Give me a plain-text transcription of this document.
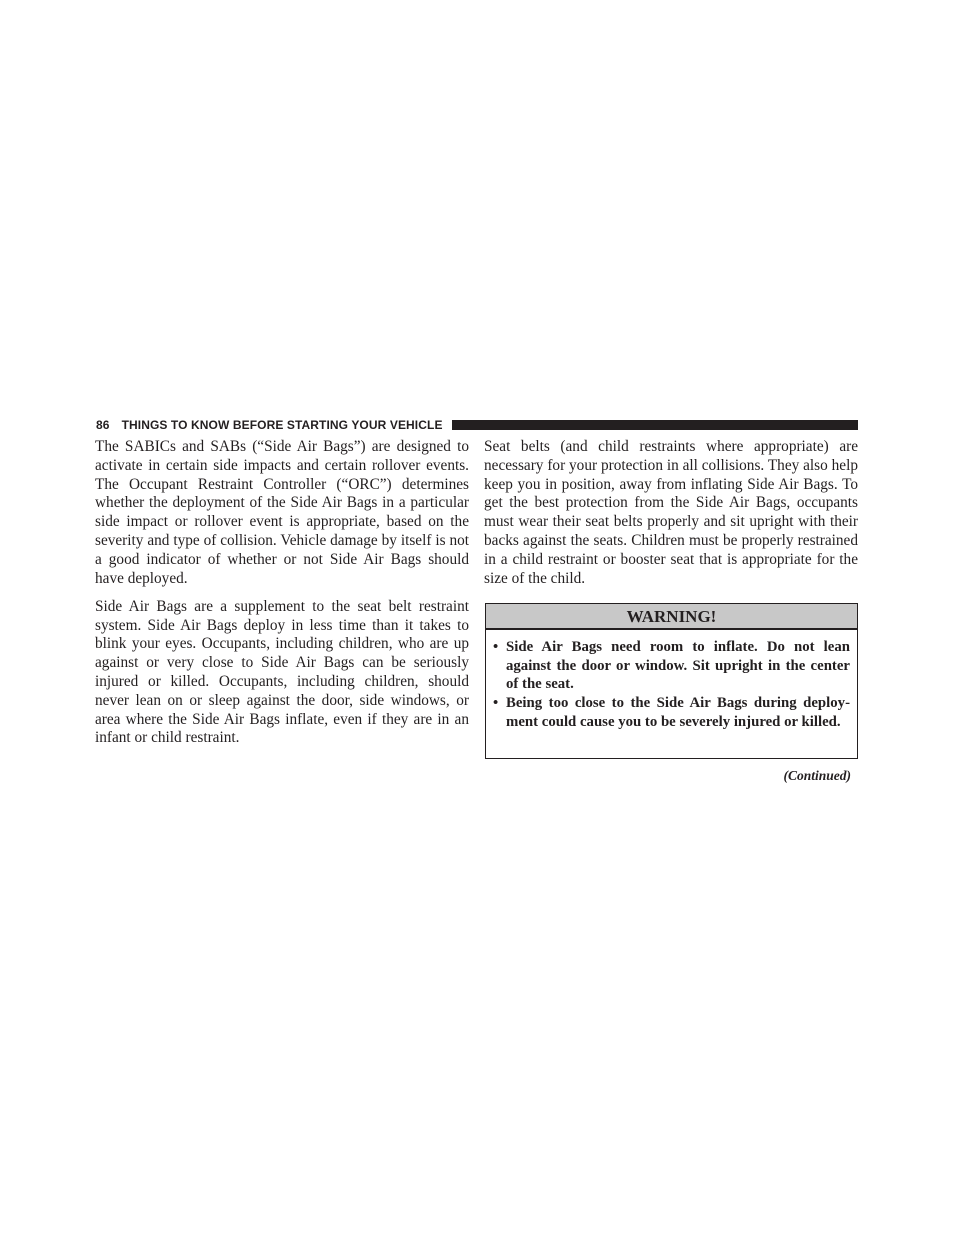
86 THINGS TO KNOW BEFORE STARTING YOUR VEHICLE

The SABICs and SABs (“Side Air Bags”) are designed to activate in certain side impacts and certain rollover events. The Occupant Restraint Controller (“ORC”) determines whether the deployment of the Side Air Bags in a particular side impact or rollover event is appropriate, based on the severity and type of collision. Vehicle damage by itself is not a good indicator of whether or not Side Air Bags should have deployed.

Side Air Bags are a supplement to the seat belt restraint system. Side Air Bags deploy in less time than it takes to blink your eyes. Occupants, including children, who are up against or very close to Side Air Bags can be seriously injured or killed. Occupants, including children, should never lean on or sleep against the door, side windows, or area where the Side Air Bags inflate, even if they are in an infant or child restraint.

Seat belts (and child restraints where appropriate) are necessary for your protection in all collisions. They also help keep you in position, away from inflating Side Air Bags. To get the best protection from the Side Air Bags, occupants must wear their seat belts properly and sit upright with their backs against the seats. Children must be properly restrained in a child restraint or booster seat that is appropriate for the size of the child.

WARNING!
• Side Air Bags need room to inflate. Do not lean against the door or window. Sit upright in the center of the seat.
• Being too close to the Side Air Bags during deployment could cause you to be severely injured or killed.
(Continued)
